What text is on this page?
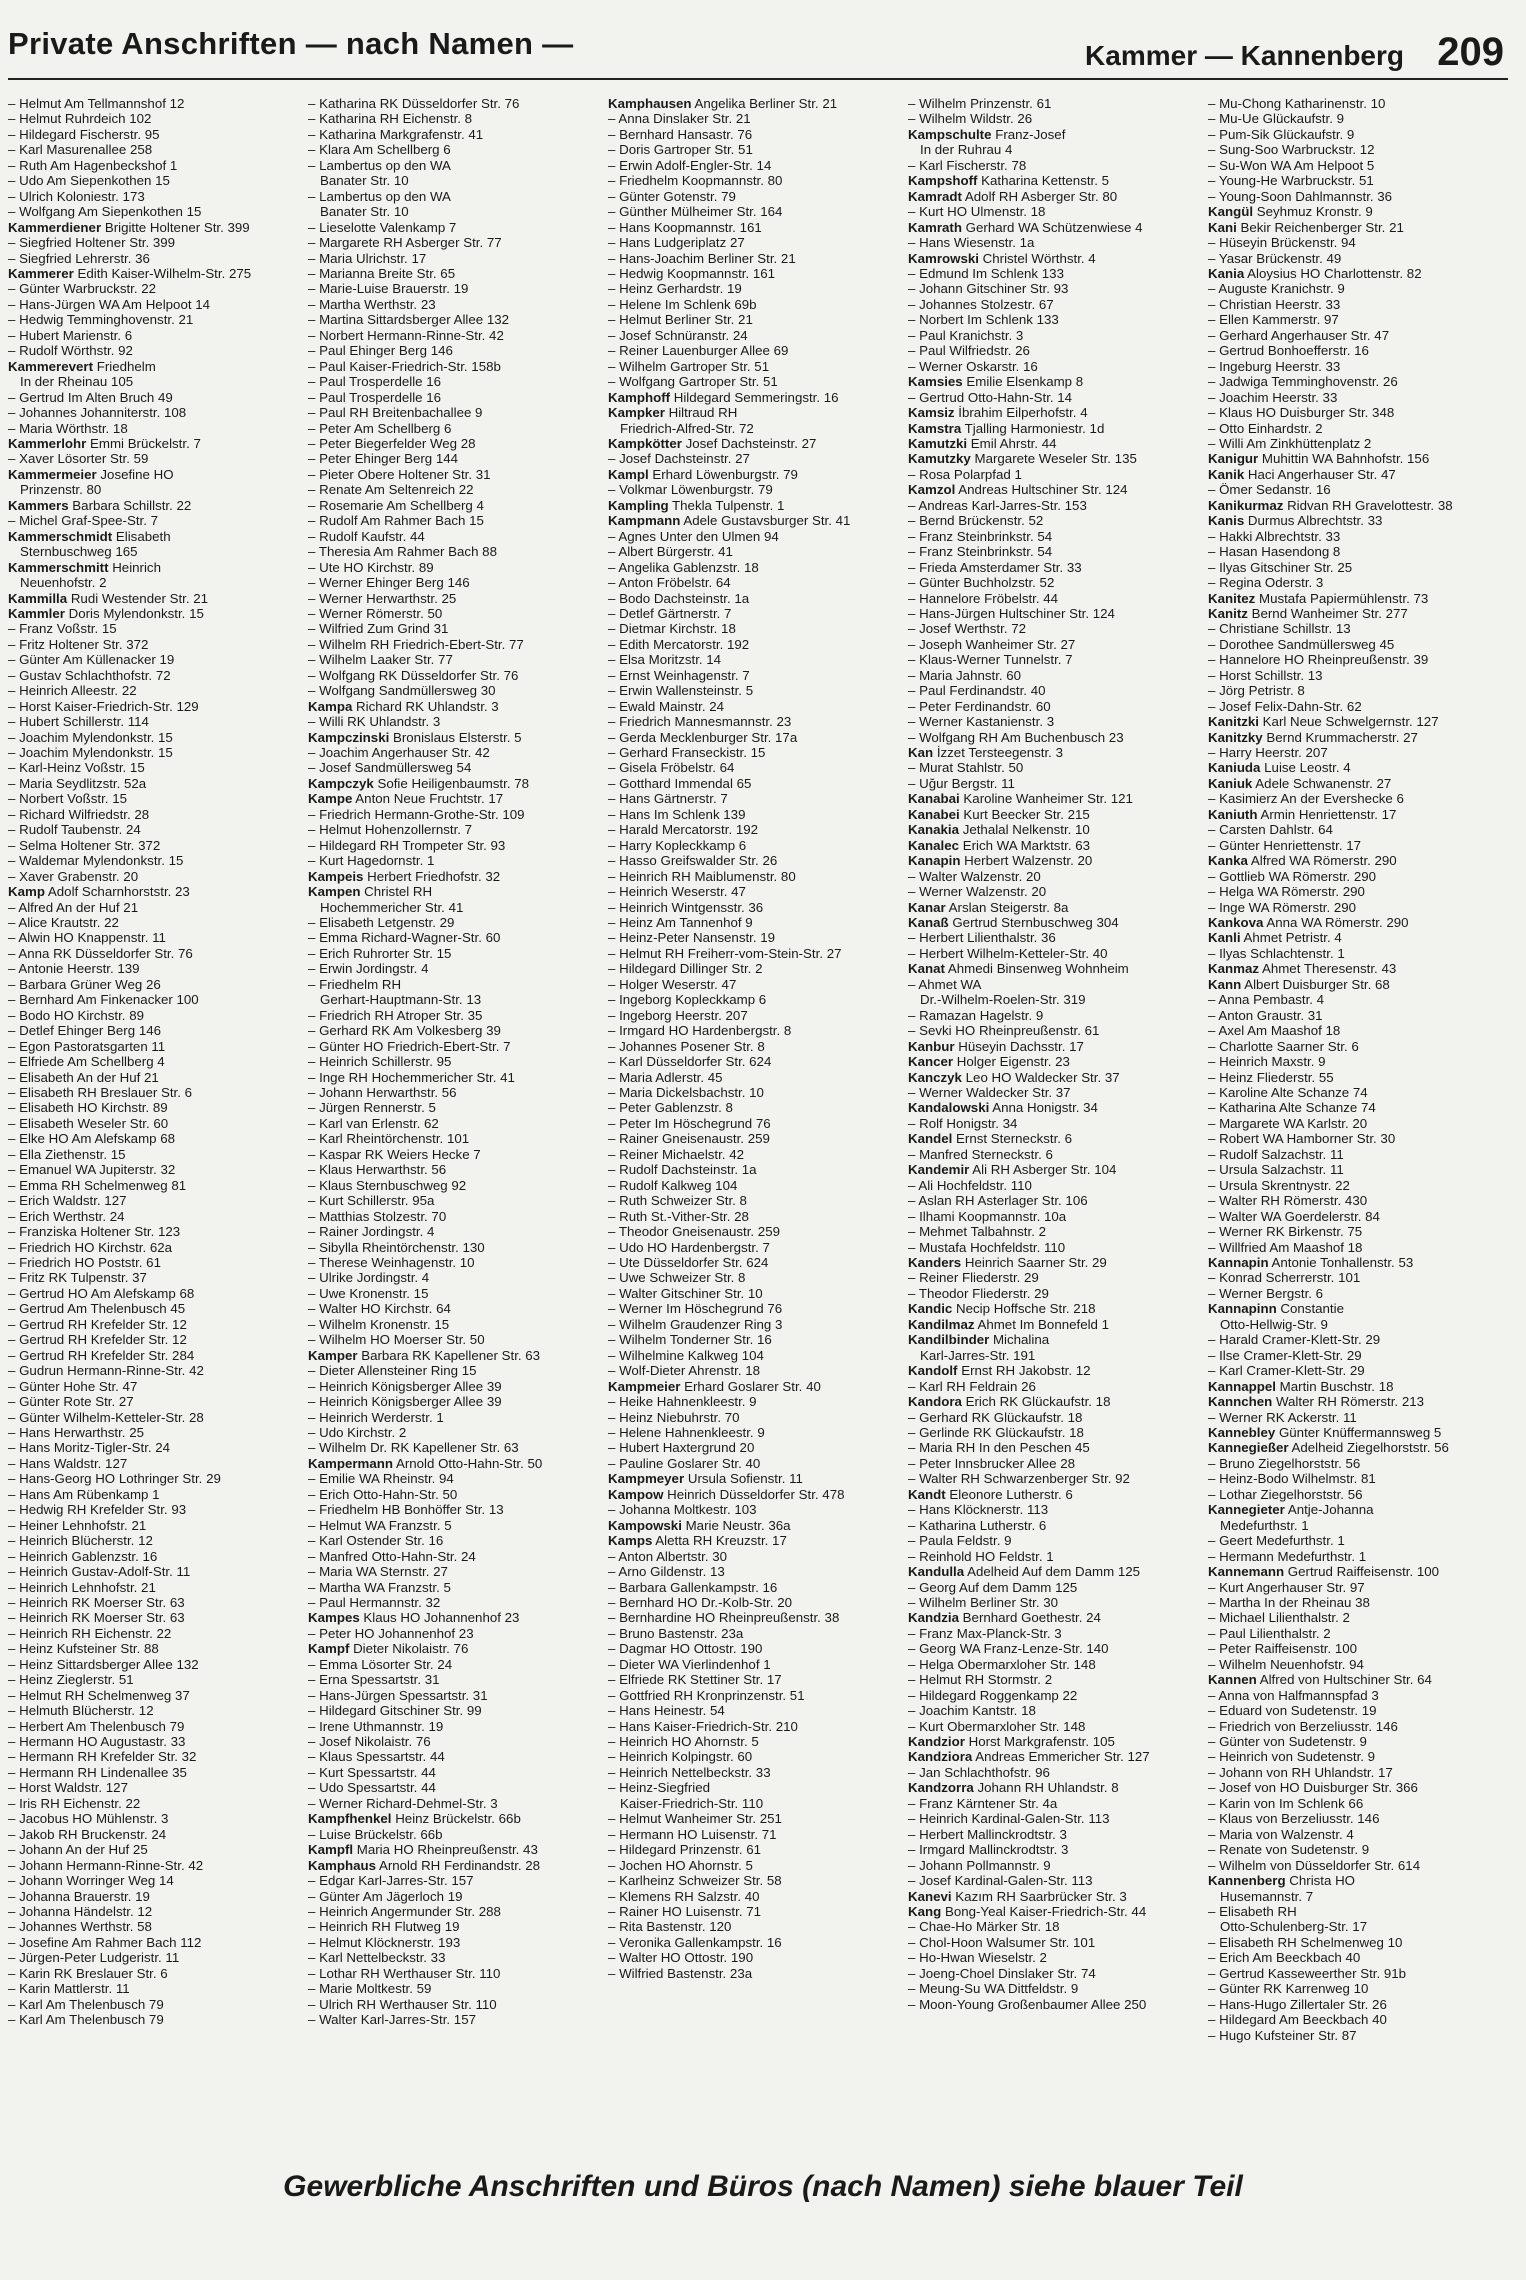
Private Anschriften — nach Namen —	Kammer — Kannenberg 209
– Helmut Am Tellmannshof 12
– Helmut Ruhrdeich 102
– Hildegard Fischerstr. 95
– Karl Masurenallee 258
– Ruth Am Hagenbeckshof 1
– Udo Am Siepenkothen 15
– Ulrich Koloniestr. 173
– Wolfgang Am Siepenkothen 15
Kammerdiener Brigitte Holtener Str. 399
– Siegfried Holtener Str. 399
– Siegfried Lehrerstr. 36
Kammerer Edith Kaiser-Wilhelm-Str. 275
– Günter Warbruckstr. 22
– Hans-Jürgen WA Am Helpoot 14
– Hedwig Temminghovenstr. 21
– Hubert Marienstr. 6
– Rudolf Wörthstr. 92
Kammerevert Friedhelm
In der Rheinau 105
– Gertrud Im Alten Bruch 49
– Johannes Johanniterstr. 108
– Maria Wörthstr. 18
Kammerlohr Emmi Brückelstr. 7
– Xaver Lösorter Str. 59
Kammermeier Josefine HO
Prinzenstr. 80
Kammers Barbara Schillstr. 22
– Michel Graf-Spee-Str. 7
Kammerschmidt Elisabeth
Sternbuschweg 165
Kammerschmitt Heinrich
Neuenhofstr. 2
Kammilla Rudi Westender Str. 21
Kammler Doris Mylendonkstr. 15
– Franz Voßstr. 15
– Fritz Holtener Str. 372
– Günter Am Küllenacker 19
– Gustav Schlachthofstr. 72
– Heinrich Alleestr. 22
– Horst Kaiser-Friedrich-Str. 129
– Hubert Schillerstr. 114
– Joachim Mylendonkstr. 15
– Joachim Mylendonkstr. 15
– Karl-Heinz Voßstr. 15
– Maria Seydlitzstr. 52a
– Norbert Voßstr. 15
– Richard Wilfriedstr. 28
– Rudolf Taubenstr. 24
– Selma Holtener Str. 372
– Waldemar Mylendonkstr. 15
– Xaver Grabenstr. 20
Kamp Adolf Scharnhorststr. 23
– Alfred An der Huf 21
– Alice Krautstr. 22
– Alwin HO Knappenstr. 11
– Anna RK Düsseldorfer Str. 76
– Antonie Heerstr. 139
– Barbara Grüner Weg 26
– Bernhard Am Finkenacker 100
– Bodo HO Kirchstr. 89
– Detlef Ehinger Berg 146
– Egon Pastoratsgarten 11
– Elfriede Am Schellberg 4
– Elisabeth An der Huf 21
– Elisabeth RH Breslauer Str. 6
– Elisabeth HO Kirchstr. 89
– Elisabeth Weseler Str. 60
– Elke HO Am Alefskamp 68
– Ella Ziethenstr. 15
– Emanuel WA Jupiterstr. 32
– Emma RH Schelmenweg 81
– Erich Waldstr. 127
– Erich Werthstr. 24
– Franziska Holtener Str. 123
– Friedrich HO Kirchstr. 62a
– Friedrich HO Poststr. 61
– Fritz RK Tulpenstr. 37
– Gertrud HO Am Alefskamp 68
– Gertrud Am Thelenbusch 45
– Gertrud RH Krefelder Str. 12
– Gertrud RH Krefelder Str. 12
– Gertrud RH Krefelder Str. 284
– Gudrun Hermann-Rinne-Str. 42
– Günter Hohe Str. 47
– Günter Rote Str. 27
– Günter Wilhelm-Ketteler-Str. 28
– Hans Herwarthstr. 25
– Hans Moritz-Tigler-Str. 24
– Hans Waldstr. 127
– Hans-Georg HO Lothringer Str. 29
– Hans Am Rübenkamp 1
– Hedwig RH Krefelder Str. 93
– Heiner Lehnhofstr. 21
– Heinrich Blücherstr. 12
– Heinrich Gablenzstr. 16
– Heinrich Gustav-Adolf-Str. 11
– Heinrich Lehnhofstr. 21
– Heinrich RK Moerser Str. 63
– Heinrich RK Moerser Str. 63
– Heinrich RH Eichenstr. 22
– Heinz Kufsteiner Str. 88
– Heinz Sittardsberger Allee 132
– Heinz Zieglerstr. 51
– Helmut RH Schelmenweg 37
– Helmuth Blücherstr. 12
– Herbert Am Thelenbusch 79
– Hermann HO Augustastr. 33
– Hermann RH Krefelder Str. 32
– Hermann RH Lindenallee 35
– Horst Waldstr. 127
– Iris RH Eichenstr. 22
– Jacobus HO Mühlenstr. 3
– Jakob RH Bruckenstr. 24
– Johann An der Huf 25
– Johann Hermann-Rinne-Str. 42
– Johann Worringer Weg 14
– Johanna Brauerstr. 19
– Johanna Händelstr. 12
– Johannes Werthstr. 58
– Josefine Am Rahmer Bach 112
– Jürgen-Peter Ludgeristr. 11
– Karin RK Breslauer Str. 6
– Karin Mattlerstr. 11
– Karl Am Thelenbusch 79
– Karl Am Thelenbusch 79
– Katharina RK Düsseldorfer Str. 76
– Katharina RH Eichenstr. 8
– Katharina Markgrafenstr. 41
– Klara Am Schellberg 6
– Lambertus op den WA
Banater Str. 10
– Lambertus op den WA
Banater Str. 10
– Lieselotte Valenkamp 7
– Margarete RH Asberger Str. 77
– Maria Ulrichstr. 17
– Marianna Breite Str. 65
– Marie-Luise Brauerstr. 19
– Martha Werthstr. 23
– Martina Sittardsberger Allee 132
– Norbert Hermann-Rinne-Str. 42
– Paul Ehinger Berg 146
– Paul Kaiser-Friedrich-Str. 158b
– Paul Trosperdelle 16
– Paul Trosperdelle 16
– Paul RH Breitenbachallee 9
– Peter Am Schellberg 6
– Peter Biegerfelder Weg 28
– Peter Ehinger Berg 144
– Pieter Obere Holtener Str. 31
– Renate Am Seltenreich 22
– Rosemarie Am Schellberg 4
– Rudolf Am Rahmer Bach 15
– Rudolf Kaufstr. 44
– Theresia Am Rahmer Bach 88
– Ute HO Kirchstr. 89
– Werner Ehinger Berg 146
– Werner Herwarthstr. 25
– Werner Römerstr. 50
– Wilfried Zum Grind 31
– Wilhelm RH Friedrich-Ebert-Str. 77
– Wilhelm Laaker Str. 77
– Wolfgang RK Düsseldorfer Str. 76
– Wolfgang Sandmüllersweg 30
Kampa Richard RK Uhlandstr. 3
– Willi RK Uhlandstr. 3
Kampczinski Bronislaus Elsterstr. 5
– Joachim Angerhauser Str. 42
– Josef Sandmüllersweg 54
Kampczyk Sofie Heiligenbaumstr. 78
Kampe Anton Neue Fruchtstr. 17
– Friedrich Hermann-Grothe-Str. 109
– Helmut Hohenzollernstr. 7
– Hildegard RH Trompeter Str. 93
– Kurt Hagedornstr. 1
Kampeis Herbert Friedhofstr. 32
Kampen Christel RH
Hochemmericher Str. 41
– Elisabeth Letgenstr. 29
– Emma Richard-Wagner-Str. 60
– Erich Ruhrorter Str. 15
– Erwin Jordingstr. 4
– Friedhelm RH
Gerhart-Hauptmann-Str. 13
– Friedrich RH Atroper Str. 35
– Gerhard RK Am Volkesberg 39
– Günter HO Friedrich-Ebert-Str. 7
– Heinrich Schillerstr. 95
– Inge RH Hochemmericher Str. 41
– Johann Herwarthstr. 56
– Jürgen Rennerstr. 5
– Karl van Erlenstr. 62
– Karl Rheintörchenstr. 101
– Kaspar RK Weiers Hecke 7
– Klaus Herwarthstr. 56
– Klaus Sternbuschweg 92
– Kurt Schillerstr. 95a
– Matthias Stolzestr. 70
– Rainer Jordingstr. 4
– Sibylla Rheintörchenstr. 130
– Therese Weinhagenstr. 10
– Ulrike Jordingstr. 4
– Uwe Kronenstr. 15
– Walter HO Kirchstr. 64
– Wilhelm Kronenstr. 15
– Wilhelm HO Moerser Str. 50
Kamper Barbara RK Kapellener Str. 63
– Dieter Allensteiner Ring 15
– Heinrich Königsberger Allee 39
– Heinrich Königsberger Allee 39
– Heinrich Werderstr. 1
– Udo Kirchstr. 2
– Wilhelm Dr. RK Kapellener Str. 63
Kampermann Arnold Otto-Hahn-Str. 50
– Emilie WA Rheinstr. 94
– Erich Otto-Hahn-Str. 50
– Friedhelm HB Bonhöffer Str. 13
– Helmut WA Franzstr. 5
– Karl Ostender Str. 16
– Manfred Otto-Hahn-Str. 24
– Maria WA Sternstr. 27
– Martha WA Franzstr. 5
– Paul Hermannstr. 32
Kampes Klaus HO Johannenhof 23
– Peter HO Johannenhof 23
Kampf Dieter Nikolaistr. 76
– Emma Lösorter Str. 24
– Erna Spessartstr. 31
– Hans-Jürgen Spessartstr. 31
– Hildegard Gitschiner Str. 99
– Irene Uthmannstr. 19
– Josef Nikolaistr. 76
– Klaus Spessartstr. 44
– Kurt Spessartstr. 44
– Udo Spessartstr. 44
– Werner Richard-Dehmel-Str. 3
Kampfhenkel Heinz Brückelstr. 66b
– Luise Brückelstr. 66b
Kampfl Maria HO Rheinpreußenstr. 43
Kamphaus Arnold RH Ferdinandstr. 28
– Edgar Karl-Jarres-Str. 157
– Günter Am Jägerloch 19
– Heinrich Angermunder Str. 288
– Heinrich RH Flutweg 19
– Helmut Klöcknerstr. 193
– Karl Nettelbeckstr. 33
– Lothar RH Werthauser Str. 110
– Marie Moltkestr. 59
– Ulrich RH Werthauser Str. 110
– Walter Karl-Jarres-Str. 157
Kamphausen Angelika Berliner Str. 21
– Anna Dinslaker Str. 21
– Bernhard Hansastr. 76
– Doris Gartroper Str. 51
– Erwin Adolf-Engler-Str. 14
– Friedhelm Koopmannstr. 80
– Günter Gotenstr. 79
– Günther Mülheimer Str. 164
– Hans Koopmannstr. 161
– Hans Ludgeriplatz 27
– Hans-Joachim Berliner Str. 21
– Hedwig Koopmannstr. 161
– Heinz Gerhardstr. 19
– Helene Im Schlenk 69b
– Helmut Berliner Str. 21
– Josef Schnüranstr. 24
– Reiner Lauenburger Allee 69
– Wilhelm Gartroper Str. 51
– Wolfgang Gartroper Str. 51
Kamphoff Hildegard Semmeringstr. 16
Kampker Hiltraud RH
Friedrich-Alfred-Str. 72
Kampkötter Josef Dachsteinstr. 27
– Josef Dachsteinstr. 27
Kampl Erhard Löwenburgstr. 79
– Volkmar Löwenburgstr. 79
Kampling Thekla Tulpenstr. 1
Kampmann Adele Gustavsburger Str. 41
– Agnes Unter den Ulmen 94
– Albert Bürgerstr. 41
– Angelika Gablenzstr. 18
– Anton Fröbelstr. 64
– Bodo Dachsteinstr. 1a
– Detlef Gärtnerstr. 7
– Dietmar Kirchstr. 18
– Edith Mercatorstr. 192
– Elsa Moritzstr. 14
– Ernst Weinhagenstr. 7
– Erwin Wallensteinstr. 5
– Ewald Mainstr. 24
– Friedrich Mannesmannstr. 23
– Gerda Mecklenburger Str. 17a
– Gerhard Franseckistr. 15
– Gisela Fröbelstr. 64
– Gotthard Immendal 65
– Hans Gärtnerstr. 7
– Hans Im Schlenk 139
– Harald Mercatorstr. 192
– Harry Kopleckkamp 6
– Hasso Greifswalder Str. 26
– Heinrich RH Maiblumenstr. 80
– Heinrich Weserstr. 47
– Heinrich Wintgensstr. 36
– Heinz Am Tannenhof 9
– Heinz-Peter Nansenstr. 19
– Helmut RH Freiherr-vom-Stein-Str. 27
– Hildegard Dillinger Str. 2
– Holger Weserstr. 47
– Ingeborg Kopleckkamp 6
– Ingeborg Heerstr. 207
– Irmgard HO Hardenbergstr. 8
– Johannes Posener Str. 8
– Karl Düsseldorfer Str. 624
– Maria Adlerstr. 45
– Maria Dickelsbachstr. 10
– Peter Gablenzstr. 8
– Peter Im Höschegrund 76
– Rainer Gneisenaustr. 259
– Reiner Michaelstr. 42
– Rudolf Dachsteinstr. 1a
– Rudolf Kalkweg 104
– Ruth Schweizer Str. 8
– Ruth St.-Vither-Str. 28
– Theodor Gneisenaustr. 259
– Udo HO Hardenbergstr. 7
– Ute Düsseldorfer Str. 624
– Uwe Schweizer Str. 8
– Walter Gitschiner Str. 10
– Werner Im Höschegrund 76
– Wilhelm Graudenzer Ring 3
– Wilhelm Tonderner Str. 16
– Wilhelmine Kalkweg 104
– Wolf-Dieter Ahrenstr. 18
Kampmeier Erhard Goslarer Str. 40
– Heike Hahnenkleestr. 9
– Heinz Niebuhrstr. 70
– Helene Hahnenkleestr. 9
– Hubert Haxtergrund 20
– Pauline Goslarer Str. 40
Kampmeyer Ursula Sofienstr. 11
Kampow Heinrich Düsseldorfer Str. 478
– Johanna Moltkestr. 103
Kampowski Marie Neustr. 36a
Kamps Aletta RH Kreuzstr. 17
– Anton Albertstr. 30
– Arno Gildenstr. 13
– Barbara Gallenkampstr. 16
– Bernhard HO Dr.-Kolb-Str. 20
– Bernhardine HO Rheinpreußenstr. 38
– Bruno Bastenstr. 23a
– Dagmar HO Ottostr. 190
– Dieter WA Vierlindenhof 1
– Elfriede RK Stettiner Str. 17
– Gottfried RH Kronprinzenstr. 51
– Hans Heinestr. 54
– Hans Kaiser-Friedrich-Str. 210
– Heinrich HO Ahornstr. 5
– Heinrich Kolpingstr. 60
– Heinrich Nettelbeckstr. 33
– Heinz-Siegfried
Kaiser-Friedrich-Str. 110
– Helmut Wanheimer Str. 251
– Hermann HO Luisenstr. 71
– Hildegard Prinzenstr. 61
– Jochen HO Ahornstr. 5
– Karlheinz Schweizer Str. 58
– Klemens RH Salzstr. 40
– Rainer HO Luisenstr. 71
– Rita Bastenstr. 120
– Veronika Gallenkampstr. 16
– Walter HO Ottostr. 190
– Wilfried Bastenstr. 23a
– Wilhelm Prinzenstr. 61
– Wilhelm Wildstr. 26
Kampschulte Franz-Josef
In der Ruhrau 4
– Karl Fischerstr. 78
Kampshoff Katharina Kettenstr. 5
Kamradt Adolf RH Asberger Str. 80
– Kurt HO Ulmenstr. 18
Kamrath Gerhard WA Schützenwiese 4
– Hans Wiesenstr. 1a
Kamrowski Christel Wörthstr. 4
– Edmund Im Schlenk 133
– Johann Gitschiner Str. 93
– Johannes Stolzestr. 67
– Norbert Im Schlenk 133
– Paul Kranichstr. 3
– Paul Wilfriedstr. 26
– Werner Oskarstr. 16
Kamsies Emilie Elsenkamp 8
– Gertrud Otto-Hahn-Str. 14
Kamsiz İbrahim Eilperhofstr. 4
Kamstra Tjalling Harmoniestr. 1d
Kamutzki Emil Ahrstr. 44
Kamutzky Margarete Weseler Str. 135
– Rosa Polarpfad 1
Kamzol Andreas Hultschiner Str. 124
– Andreas Karl-Jarres-Str. 153
– Bernd Brückenstr. 52
– Franz Steinbrinkstr. 54
– Franz Steinbrinkstr. 54
– Frieda Amsterdamer Str. 33
– Günter Buchholzstr. 52
– Hannelore Fröbelstr. 44
– Hans-Jürgen Hultschiner Str. 124
– Josef Werthstr. 72
– Joseph Wanheimer Str. 27
– Klaus-Werner Tunnelstr. 7
– Maria Jahnstr. 60
– Paul Ferdinandstr. 40
– Peter Ferdinandstr. 60
– Werner Kastanienstr. 3
– Wolfgang RH Am Buchenbusch 23
Kan İzzet Tersteegenstr. 3
– Murat Stahlstr. 50
– Uğur Bergstr. 11
Kanabai Karoline Wanheimer Str. 121
Kanabei Kurt Beecker Str. 215
Kanakia Jethalal Nelkenstr. 10
Kanalec Erich WA Marktstr. 63
Kanapin Herbert Walzenstr. 20
– Walter Walzenstr. 20
– Werner Walzenstr. 20
Kanar Arslan Steigerstr. 8a
Kanaß Gertrud Sternbuschweg 304
– Herbert Lilienthalstr. 36
– Herbert Wilhelm-Ketteler-Str. 40
Kanat Ahmedi Binsenweg Wohnheim
– Ahmet WA
Dr.-Wilhelm-Roelen-Str. 319
– Ramazan Hagelstr. 9
– Sevki HO Rheinpreußenstr. 61
Kanbur Hüseyin Dachsstr. 17
Kancer Holger Eigenstr. 23
Kanczyk Leo HO Waldecker Str. 37
– Werner Waldecker Str. 37
Kandalowski Anna Honigstr. 34
– Rolf Honigstr. 34
Kandel Ernst Sterneckstr. 6
– Manfred Sterneckstr. 6
Kandemir Ali RH Asberger Str. 104
– Ali Hochfeldstr. 110
– Aslan RH Asterlager Str. 106
– Ilhami Koopmannstr. 10a
– Mehmet Talbahnstr. 2
– Mustafa Hochfeldstr. 110
Kanders Heinrich Saarner Str. 29
– Reiner Fliederstr. 29
– Theodor Fliederstr. 29
Kandic Necip Hoffsche Str. 218
Kandilmaz Ahmet Im Bonnefeld 1
Kandilbinder Michalina
Karl-Jarres-Str. 191
Kandolf Ernst RH Jakobstr. 12
– Karl RH Feldrain 26
Kandora Erich RK Glückaufstr. 18
– Gerhard RK Glückaufstr. 18
– Gerlinde RK Glückaufstr. 18
– Maria RH In den Peschen 45
– Peter Innsbrucker Allee 28
– Walter RH Schwarzenberger Str. 92
Kandt Eleonore Lutherstr. 6
– Hans Klöcknerstr. 113
– Katharina Lutherstr. 6
– Paula Feldstr. 9
– Reinhold HO Feldstr. 1
Kandulla Adelheid Auf dem Damm 125
– Georg Auf dem Damm 125
– Wilhelm Berliner Str. 30
Kandzia Bernhard Goethestr. 24
– Franz Max-Planck-Str. 3
– Georg WA Franz-Lenze-Str. 140
– Helga Obermarxloher Str. 148
– Helmut RH Stormstr. 2
– Hildegard Roggenkamp 22
– Joachim Kantstr. 18
– Kurt Obermarxloher Str. 148
Kandzior Horst Markgrafenstr. 105
Kandziora Andreas Emmericher Str. 127
– Jan Schlachthofstr. 96
Kandzorra Johann RH Uhlandstr. 8
– Franz Kärntener Str. 4a
– Heinrich Kardinal-Galen-Str. 113
– Herbert Mallinckrodtstr. 3
– Irmgard Mallinckrodtstr. 3
– Johann Pollmannstr. 9
– Josef Kardinal-Galen-Str. 113
Kanevi Kazım RH Saarbrücker Str. 3
Kang Bong-Yeal Kaiser-Friedrich-Str. 44
– Chae-Ho Märker Str. 18
– Chol-Hoon Walsumer Str. 101
– Ho-Hwan Wieselstr. 2
– Joeng-Choel Dinslaker Str. 74
– Meung-Su WA Dittfeldstr. 9
– Moon-Young Großenbaumer Allee 250
– Mu-Chong Katharinenstr. 10
– Mu-Ue Glückaufstr. 9
– Pum-Sik Glückaufstr. 9
– Sung-Soo Warbruckstr. 12
– Su-Won WA Am Helpoot 5
– Young-He Warbruckstr. 51
– Young-Soon Dahlmannstr. 36
Kangül Seyhmuz Kronstr. 9
Kani Bekir Reichenberger Str. 21
– Hüseyin Brückenstr. 94
– Yasar Brückenstr. 49
Kania Aloysius HO Charlottenstr. 82
– Auguste Kranichstr. 9
– Christian Heerstr. 33
– Ellen Kammerstr. 97
– Gerhard Angerhauser Str. 47
– Gertrud Bonhoefferstr. 16
– Ingeburg Heerstr. 33
– Jadwiga Temminghovenstr. 26
– Joachim Heerstr. 33
– Klaus HO Duisburger Str. 348
– Otto Einhardstr. 2
– Willi Am Zinkhüttenplatz 2
Kanigur Muhittin WA Bahnhofstr. 156
Kanik Haci Angerhauser Str. 47
– Ömer Sedanstr. 16
Kanikurmaz Ridvan RH Gravelottestr. 38
Kanis Durmus Albrechtstr. 33
– Hakki Albrechtstr. 33
– Hasan Hasendong 8
– Ilyas Gitschiner Str. 25
– Regina Oderstr. 3
Kanitez Mustafa Papiermühlenstr. 73
Kanitz Bernd Wanheimer Str. 277
– Christiane Schillstr. 13
– Dorothee Sandmüllersweg 45
– Hannelore HO Rheinpreußenstr. 39
– Horst Schillstr. 13
– Jörg Petristr. 8
– Josef Felix-Dahn-Str. 62
Kanitzki Karl Neue Schwelgernstr. 127
Kanitzky Bernd Krummacherstr. 27
– Harry Heerstr. 207
Kaniuda Luise Leostr. 4
Kaniuk Adele Schwanenstr. 27
– Kasimierz An der Evershecke 6
Kaniuth Armin Henriettenstr. 17
– Carsten Dahlstr. 64
– Günter Henriettenstr. 17
Kanka Alfred WA Römerstr. 290
– Gottlieb WA Römerstr. 290
– Helga WA Römerstr. 290
– Inge WA Römerstr. 290
Kankova Anna WA Römerstr. 290
Kanli Ahmet Petristr. 4
– Ilyas Schlachtenstr. 1
Kanmaz Ahmet Theresenstr. 43
Kann Albert Duisburger Str. 68
– Anna Pembastr. 4
– Anton Graustr. 31
– Axel Am Maashof 18
– Charlotte Saarner Str. 6
– Heinrich Maxstr. 9
– Heinz Fliederstr. 55
– Karoline Alte Schanze 74
– Katharina Alte Schanze 74
– Margarete WA Karlstr. 20
– Robert WA Hamborner Str. 30
– Rudolf Salzachstr. 11
– Ursula Salzachstr. 11
– Ursula Skrentnystr. 22
– Walter RH Römerstr. 430
– Walter WA Goerdelerstr. 84
– Werner RK Birkenstr. 75
– Willfried Am Maashof 18
Kannapin Antonie Tonhallenstr. 53
– Konrad Scherrerstr. 101
– Werner Bergstr. 6
Kannapinn Constantie
Otto-Hellwig-Str. 9
– Harald Cramer-Klett-Str. 29
– Ilse Cramer-Klett-Str. 29
– Karl Cramer-Klett-Str. 29
Kannappel Martin Buschstr. 18
Kannchen Walter RH Römerstr. 213
– Werner RK Ackerstr. 11
Kannebley Günter Knüffermannsweg 5
Kannegießer Adelheid Ziegelhorststr. 56
– Bruno Ziegelhorststr. 56
– Heinz-Bodo Wilhelmstr. 81
– Lothar Ziegelhorststr. 56
Kannegieter Antje-Johanna
Medefurthstr. 1
– Geert Medefurthstr. 1
– Hermann Medefurthstr. 1
Kannemann Gertrud Raiffeisenstr. 100
– Kurt Angerhauser Str. 97
– Martha In der Rheinau 38
– Michael Lilienthalstr. 2
– Paul Lilienthalstr. 2
– Peter Raiffeisenstr. 100
– Wilhelm Neuenhofstr. 94
Kannen Alfred von Hultschiner Str. 64
– Anna von Halfmannspfad 3
– Eduard von Sudetenstr. 19
– Friedrich von Berzeliusstr. 146
– Günter von Sudetenstr. 9
– Heinrich von Sudetenstr. 9
– Johann von RH Uhlandstr. 17
– Josef von HO Duisburger Str. 366
– Karin von Im Schlenk 66
– Klaus von Berzeliusstr. 146
– Maria von Walzenstr. 4
– Renate von Sudetenstr. 9
– Wilhelm von Düsseldorfer Str. 614
Kannenberg Christa HO
Husemannstr. 7
– Elisabeth RH
Otto-Schulenberg-Str. 17
– Elisabeth RH Schelmenweg 10
– Erich Am Beeckbach 40
– Gertrud Kasseweerther Str. 91b
– Günter RK Karrenweg 10
– Hans-Hugo Zillertaler Str. 26
– Hildegard Am Beeckbach 40
– Hugo Kufsteiner Str. 87
Gewerbliche Anschriften und Büros (nach Namen) siehe blauer Teil
